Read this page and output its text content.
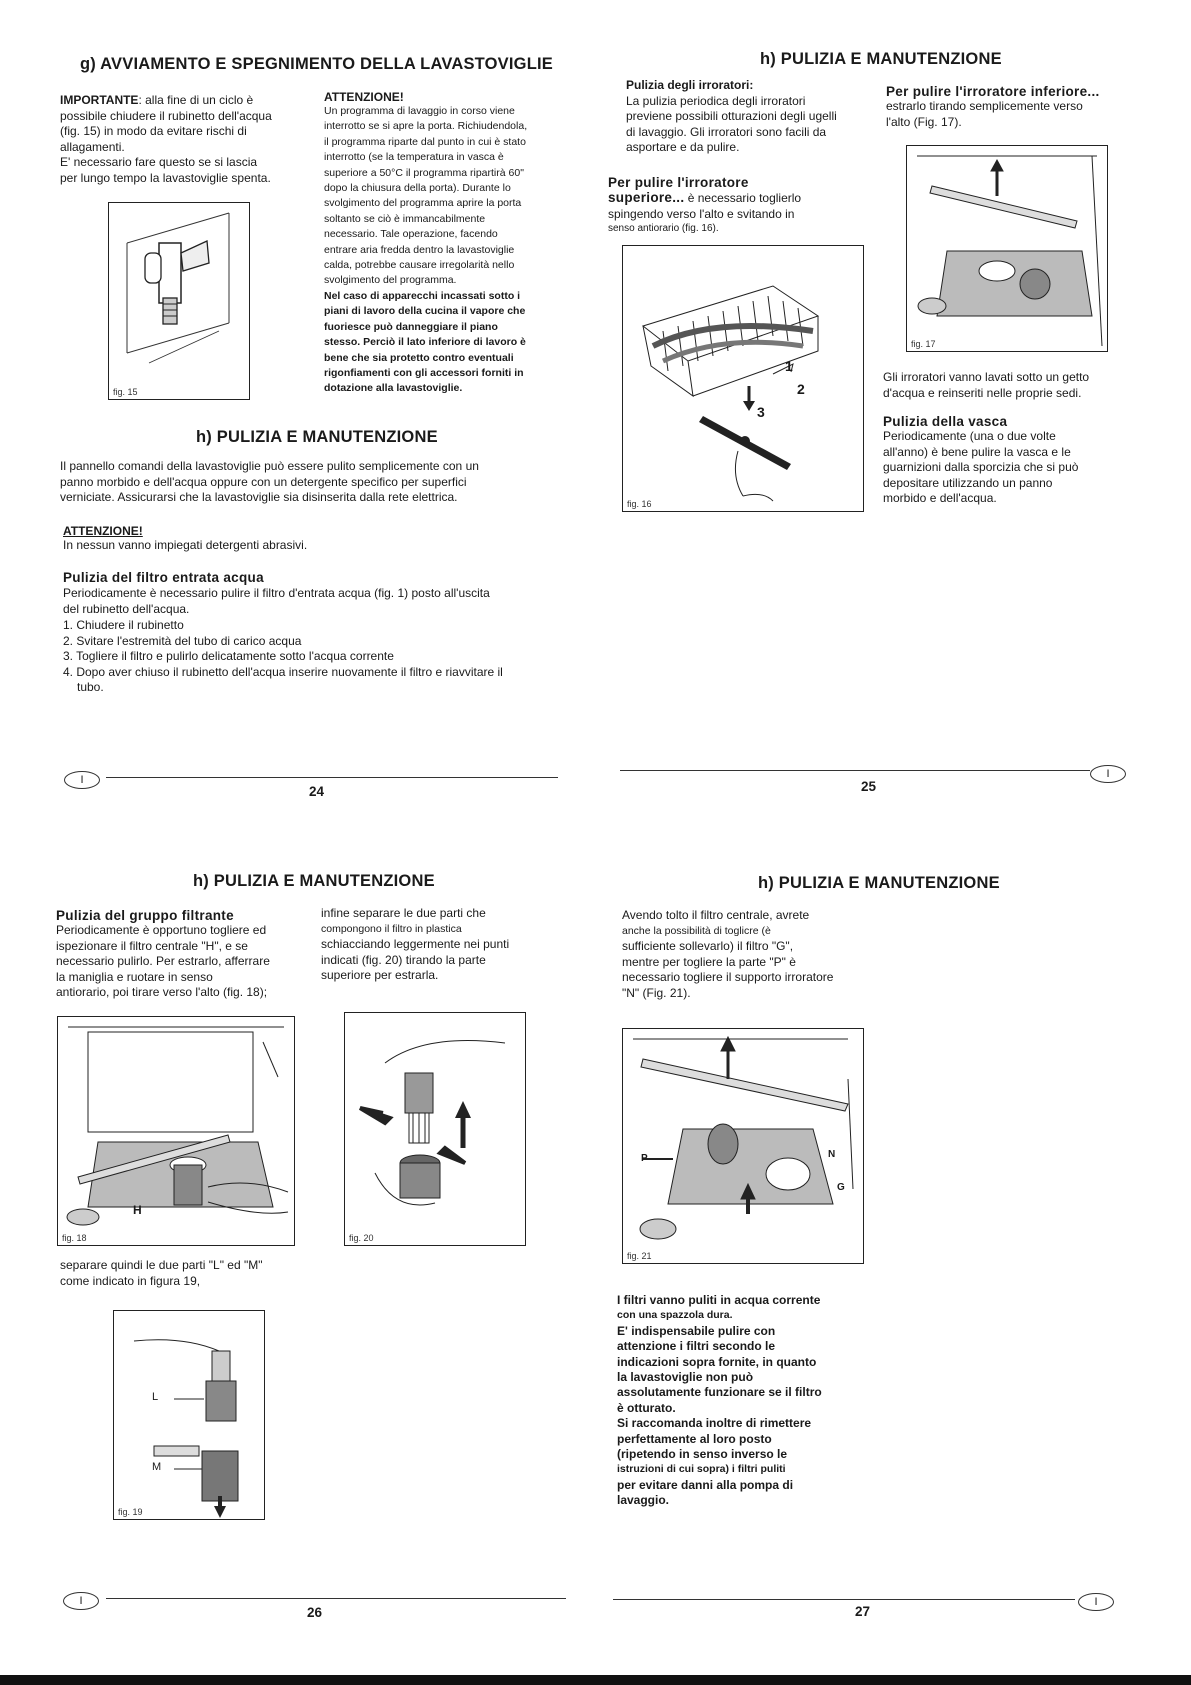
g) AVVIAMENTO E SPEGNIMENTO DELLA LAVASTOVIGLIE
IMPORTANTE: alla fine di un ciclo è
possibile chiudere il rubinetto dell'acqua
(fig. 15) in modo da evitare rischi di
allagamenti.
E' necessario fare questo se si lascia
per lungo tempo la lavastoviglie spenta.
ATTENZIONE!
Un programma di lavaggio in corso viene
interrotto se si apre la porta. Richiudendola,
il programma riparte dal punto in cui è stato
interrotto (se la temperatura in vasca è
superiore a 50°C il programma ripartirà 60"
dopo la chiusura della porta). Durante lo
svolgimento del programma aprire la porta
soltanto se ciò è immancabilmente
necessario. Tale operazione, facendo
entrare aria fredda dentro la lavastoviglie
calda, potrebbe causare irregolarità nello
svolgimento del programma.
Nel caso di apparecchi incassati sotto i
piani di lavoro della cucina il vapore che
fuoriesce può danneggiare il piano
stesso. Perciò il lato inferiore di lavoro è
bene che sia protetto contro eventuali
rigonfiamenti con gli accessori forniti in
dotazione alla lavastoviglie.
fig. 15
h) PULIZIA E MANUTENZIONE
Il pannello comandi della lavastoviglie può essere pulito semplicemente con un
panno morbido e dell'acqua oppure con un detergente specifico per superfici
verniciate. Assicurarsi che la lavastoviglie sia disinserita dalla rete elettrica.
ATTENZIONE!
In nessun vanno impiegati detergenti abrasivi.
Pulizia del filtro entrata acqua
Periodicamente è necessario pulire il filtro d'entrata acqua (fig. 1) posto all'uscita
del rubinetto dell'acqua.
1. Chiudere il rubinetto
2. Svitare l'estremità del tubo di carico acqua
3. Togliere il filtro e pulirlo delicatamente sotto l'acqua corrente
4. Dopo aver chiuso il rubinetto dell'acqua inserire nuovamente il filtro e riavvitare il
tubo.
I
24
h) PULIZIA E MANUTENZIONE
Pulizia degli irroratori:
La pulizia periodica degli irroratori
previene possibili otturazioni degli ugelli
di lavaggio. Gli irroratori sono facili da
asportare e da pulire.
Per pulire l'irroratore
superiore... è necessario toglierlo
spingendo verso l'alto e svitando in
senso antiorario (fig. 16).
1
2
3
fig. 16
Per pulire l'irroratore inferiore...
estrarlo tirando semplicemente verso
l'alto (Fig. 17).
fig. 17
Gli irroratori vanno lavati sotto un getto
d'acqua e reinseriti nelle proprie sedi.
Pulizia della vasca
Periodicamente (una o due volte
all'anno) è bene pulire la vasca e le
guarnizioni dalla sporcizia che si può
depositare utilizzando un panno
morbido e dell'acqua.
I
25
h) PULIZIA E MANUTENZIONE
Pulizia del gruppo filtrante
Periodicamente è opportuno togliere ed
ispezionare il filtro centrale "H", e se
necessario pulirlo. Per estrarlo, afferrare
la maniglia e ruotare in senso
antiorario, poi tirare verso l'alto (fig. 18);
infine separare le due parti che
compongono il filtro in plastica
schiacciando leggermente nei punti
indicati (fig. 20) tirando la parte
superiore per estrarla.
H
fig. 18	fig. 20
separare quindi le due parti "L" ed "M"
come indicato in figura 19,
L
M
fig. 19
I
26
h) PULIZIA E MANUTENZIONE
Avendo tolto il filtro centrale, avrete
anche la possibilità di toglicre (è
sufficiente sollevarlo) il filtro "G",
mentre per togliere la parte "P" è
necessario togliere il supporto irroratore
"N" (Fig. 21).
P	N
G
fig. 21
I filtri vanno puliti in acqua corrente
con una spazzola dura.
E' indispensabile pulire con
attenzione i filtri secondo le
indicazioni sopra fornite, in quanto
la lavastoviglie non può
assolutamente funzionare se il filtro
è otturato.
Si raccomanda inoltre di rimettere
perfettamente al loro posto
(ripetendo in senso inverso le
istruzioni di cui sopra) i filtri puliti
per evitare danni alla pompa di
lavaggio.
I
27
